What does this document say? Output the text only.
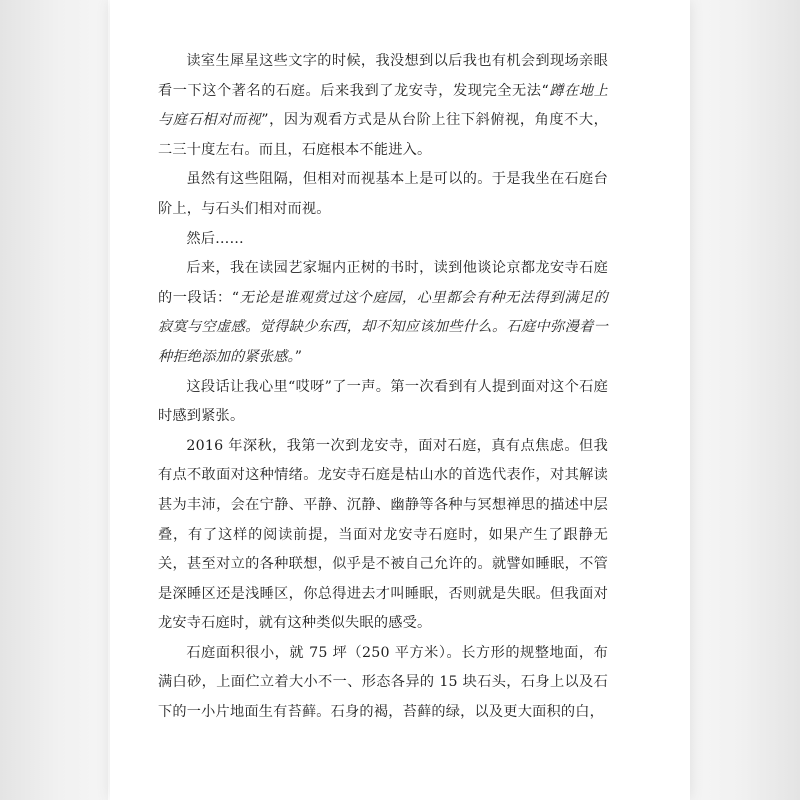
读室生犀星这些文字的时候，我没想到以后我也有机会到现场亲眼看一下这个著名的石庭。后来我到了龙安寺，发现完全无法“蹲在地上与庭石相对而视”，因为观看方式是从台阶上往下斜俯视，角度不大，二三十度左右。而且，石庭根本不能进入。

虽然有这些阻隔，但相对而视基本上是可以的。于是我坐在石庭台阶上，与石头们相对而视。

然后……

后来，我在读园艺家堀内正树的书时，读到他谈论京都龙安寺石庭的一段话：“无论是谁观赏过这个庭园，心里都会有种无法得到满足的寂寞与空虚感。觉得缺少东西，却不知应该加些什么。石庭中弥漫着一种拒绝添加的紧张感。”

这段话让我心里“哎呀”了一声。第一次看到有人提到面对这个石庭时感到紧张。

2016 年深秋，我第一次到龙安寺，面对石庭，真有点焦虑。但我有点不敢面对这种情绪。龙安寺石庭是枯山水的首选代表作，对其解读甚为丰沛，会在宁静、平静、沉静、幽静等各种与冥想禅思的描述中层叠，有了这样的阅读前提，当面对龙安寺石庭时，如果产生了跟静无关，甚至对立的各种联想，似乎是不被自己允许的。就譬如睡眠，不管是深睡区还是浅睡区，你总得进去才叫睡眠，否则就是失眠。但我面对龙安寺石庭时，就有这种类似失眠的感受。

石庭面积很小，就 75 坪（250 平方米）。长方形的规整地面，布满白砂，上面伫立着大小不一、形态各异的 15 块石头，石身上以及石下的一小片地面生有苔藓。石身的褐，苔藓的绿，以及更大面积的白，
